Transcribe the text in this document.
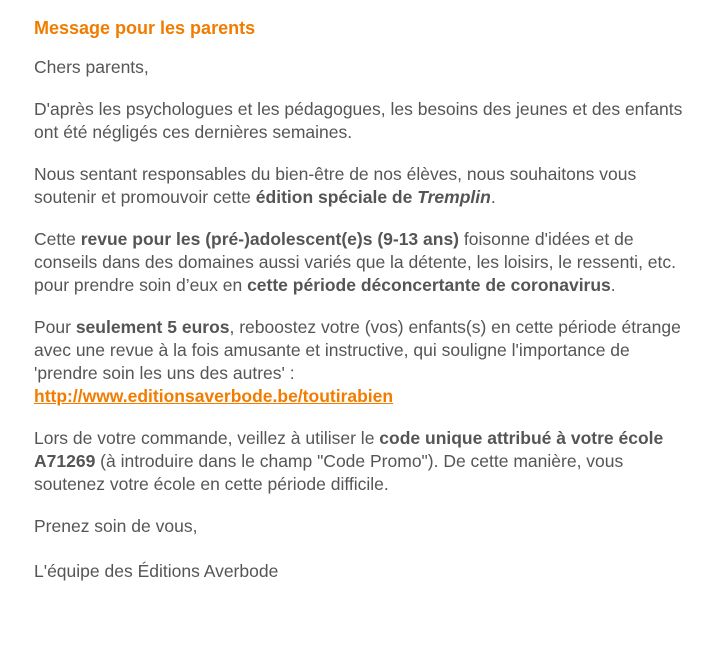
Message pour les parents

Chers parents,

D'après les psychologues et les pédagogues, les besoins des jeunes et des enfants ont été négligés ces dernières semaines.

Nous sentant responsables du bien-être de nos élèves, nous souhaitons vous soutenir et promouvoir cette édition spéciale de Tremplin.

Cette revue pour les (pré-)adolescent(e)s (9-13 ans) foisonne d'idées et de conseils dans des domaines aussi variés que la détente, les loisirs, le ressenti, etc. pour prendre soin d’eux en cette période déconcertante de coronavirus.

Pour seulement 5 euros, reboostez votre (vos) enfants(s) en cette période étrange avec une revue à la fois amusante et instructive, qui souligne l'importance de 'prendre soin les uns des autres' :
http://www.editionsaverbode.be/toutirabien

Lors de votre commande, veillez à utiliser le code unique attribué à votre école A71269 (à introduire dans le champ "Code Promo"). De cette manière, vous soutenez votre école en cette période difficile.

Prenez soin de vous,

L'équipe des Éditions Averbode
